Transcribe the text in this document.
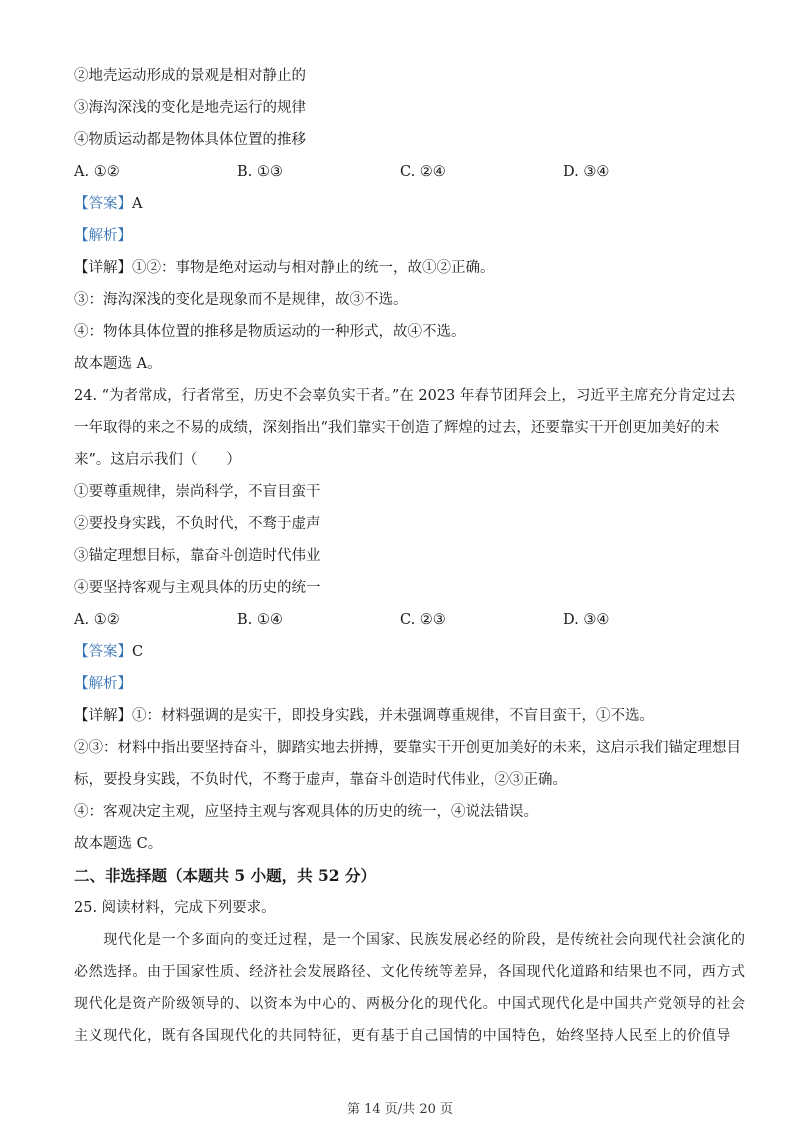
②地壳运动形成的景观是相对静止的
③海沟深浅的变化是地壳运行的规律
④物质运动都是物体具体位置的推移
A. ①②	B. ①③	C. ②④	D. ③④
【答案】A
【解析】
【详解】①②：事物是绝对运动与相对静止的统一，故①②正确。
③：海沟深浅的变化是现象而不是规律，故③不选。
④：物体具体位置的推移是物质运动的一种形式，故④不选。
故本题选 A。
24. “为者常成，行者常至，历史不会辜负实干者。”在 2023 年春节团拜会上，习近平主席充分肯定过去
一年取得的来之不易的成绩，深刻指出“我们靠实干创造了辉煌的过去，还要靠实干开创更加美好的未
来”。这启示我们（　　）
①要尊重规律，崇尚科学，不盲目蛮干
②要投身实践，不负时代，不骛于虚声
③锚定理想目标，靠奋斗创造时代伟业
④要坚持客观与主观具体的历史的统一
A. ①②	B. ①④	C. ②③	D. ③④
【答案】C
【解析】
【详解】①：材料强调的是实干，即投身实践，并未强调尊重规律，不盲目蛮干，①不选。
②③：材料中指出要坚持奋斗，脚踏实地去拼搏，要靠实干开创更加美好的未来，这启示我们锚定理想目
标，要投身实践，不负时代，不骛于虚声，靠奋斗创造时代伟业，②③正确。
④：客观决定主观，应坚持主观与客观具体的历史的统一，④说法错误。
故本题选 C。
二、非选择题（本题共 5 小题，共 52 分）
25. 阅读材料，完成下列要求。
　　现代化是一个多面向的变迁过程，是一个国家、民族发展必经的阶段，是传统社会向现代社会演化的
必然选择。由于国家性质、经济社会发展路径、文化传统等差异，各国现代化道路和结果也不同，西方式
现代化是资产阶级领导的、以资本为中心的、两极分化的现代化。中国式现代化是中国共产党领导的社会
主义现代化，既有各国现代化的共同特征，更有基于自己国情的中国特色，始终坚持人民至上的价值导
第 14 页/共 20 页
